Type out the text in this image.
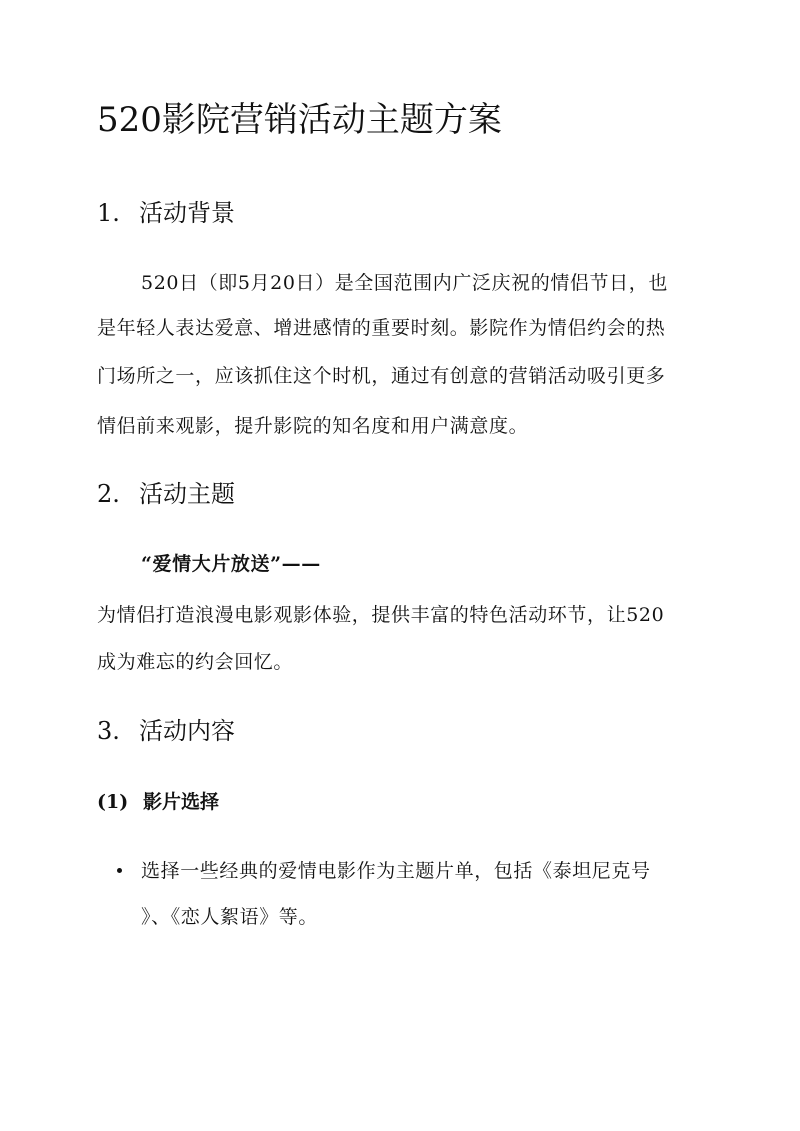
520影院营销活动主题方案
1. 活动背景

520日（即5月20日）是全国范围内广泛庆祝的情侣节日，也

是年轻人表达爱意、增进感情的重要时刻。影院作为情侣约会的热

门场所之一，应该抓住这个时机，通过有创意的营销活动吸引更多

情侣前来观影，提升影院的知名度和用户满意度。

2. 活动主题

“爱情大片放送”——

为情侣打造浪漫电影观影体验，提供丰富的特色活动环节，让520

成为难忘的约会回忆。

3. 活动内容
(1) 影片选择

选择一些经典的爱情电影作为主题片单，包括《泰坦尼克号

》、《恋人絮语》等。
